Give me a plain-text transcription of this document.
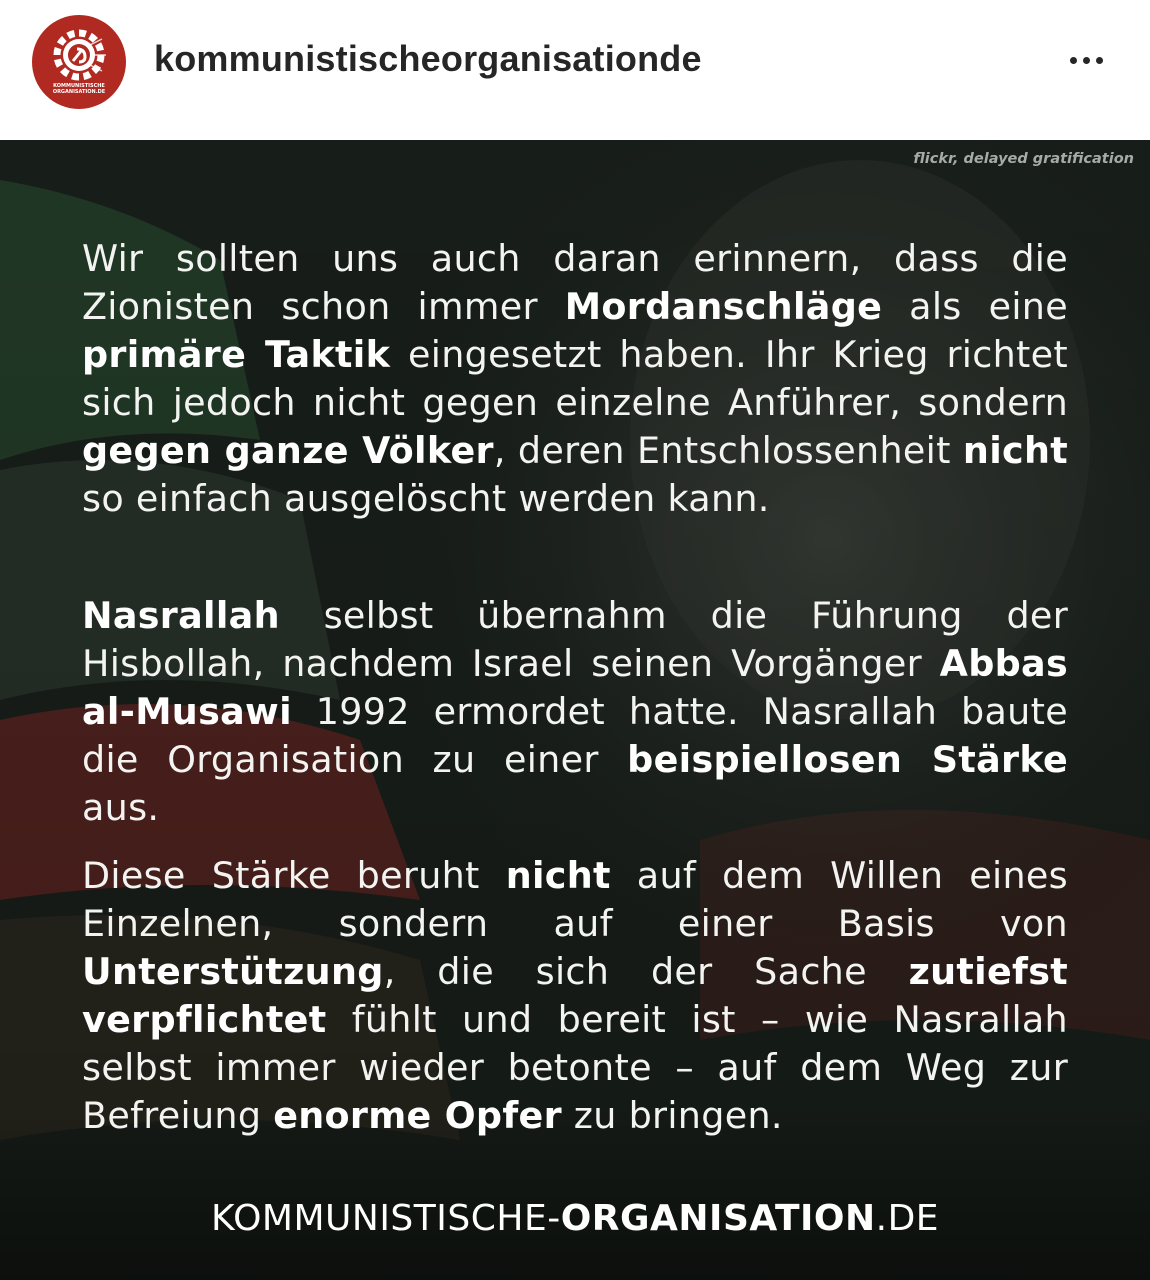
KOMMUNISTISCHE
ORGANISATION.DE
kommunistischeorganisationde
flickr, delayed gratification
Wir sollten uns auch daran erinnern, dass die Zionisten schon immer Mordanschläge als eine primäre Taktik eingesetzt haben. Ihr Krieg richtet sich jedoch nicht gegen einzelne Anführer, sondern gegen ganze Völker, deren Entschlossenheit nicht so einfach ausgelöscht werden kann.
Nasrallah selbst übernahm die Führung der Hisbollah, nachdem Israel seinen Vorgänger Abbas al-Musawi 1992 ermordet hatte. Nasrallah baute die Organisation zu einer beispiellosen Stärke aus.
Diese Stärke beruht nicht auf dem Willen eines Einzelnen, sondern auf einer Basis von Unterstützung, die sich der Sache zutiefst verpflichtet fühlt und bereit ist – wie Nasrallah selbst immer wieder betonte – auf dem Weg zur Befreiung enorme Opfer zu bringen.
KOMMUNISTISCHE-ORGANISATION.DE
